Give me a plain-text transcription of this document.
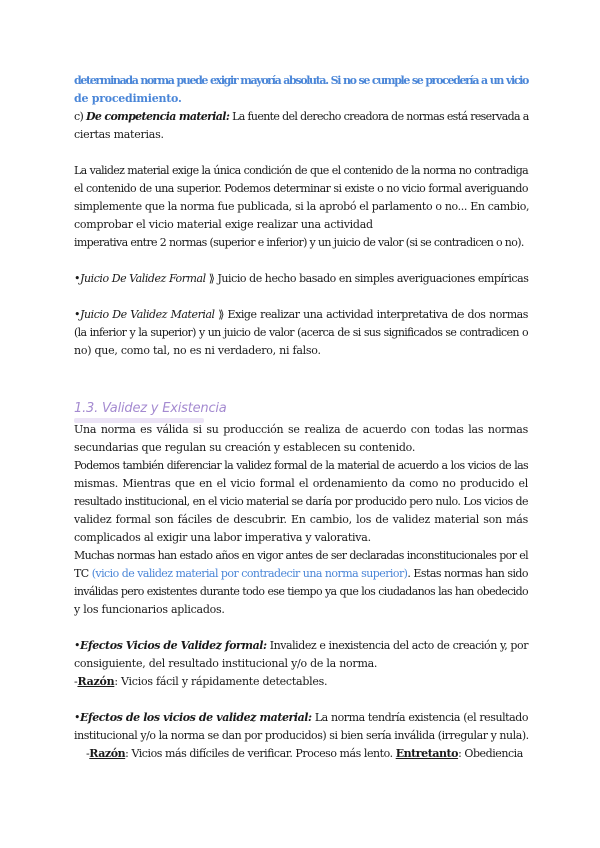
determinada norma puede exigir mayoría absoluta. Si no se cumple se procedería a un vicio
de procedimiento.
c) De competencia material: La fuente del derecho creadora de normas está reservada a
ciertas materias.
La validez material exige la única condición de que el contenido de la norma no contradiga
el contenido de una superior. Podemos determinar si existe o no vicio formal averiguando
simplemente que la norma fue publicada, si la aprobó el parlamento o no... En cambio,
comprobar el vicio material exige realizar una actividad
imperativa entre 2 normas (superior e inferior) y un juicio de valor (si se contradicen o no).
•Juicio De Validez Formal ⟫ Juicio de hecho basado en simples averiguaciones empíricas
•Juicio De Validez Material ⟫ Exige realizar una actividad interpretativa de dos normas
(la inferior y la superior) y un juicio de valor (acerca de si sus significados se contradicen o
no) que, como tal, no es ni verdadero, ni falso.
1.3. Validez y Existencia
Una norma es válida si su producción se realiza de acuerdo con todas las normas
secundarias que regulan su creación y establecen su contenido.
Podemos también diferenciar la validez formal de la material de acuerdo a los vicios de las
mismas. Mientras que en el vicio formal el ordenamiento da como no producido el
resultado institucional, en el vicio material se daría por producido pero nulo. Los vicios de
validez formal son fáciles de descubrir. En cambio, los de validez material son más
complicados al exigir una labor imperativa y valorativa.
Muchas normas han estado años en vigor antes de ser declaradas inconstitucionales por el
TC (vicio de validez material por contradecir una norma superior). Estas normas han sido
inválidas pero existentes durante todo ese tiempo ya que los ciudadanos las han obedecido
y los funcionarios aplicados.
•Efectos Vicios de Validez formal: Invalidez e inexistencia del acto de creación y, por
consiguiente, del resultado institucional y/o de la norma.
-Razón: Vicios fácil y rápidamente detectables.
•Efectos de los vicios de validez material: La norma tendría existencia (el resultado
institucional y/o la norma se dan por producidos) si bien sería inválida (irregular y nula).
-Razón: Vicios más difíciles de verificar. Proceso más lento. Entretanto: Obediencia
